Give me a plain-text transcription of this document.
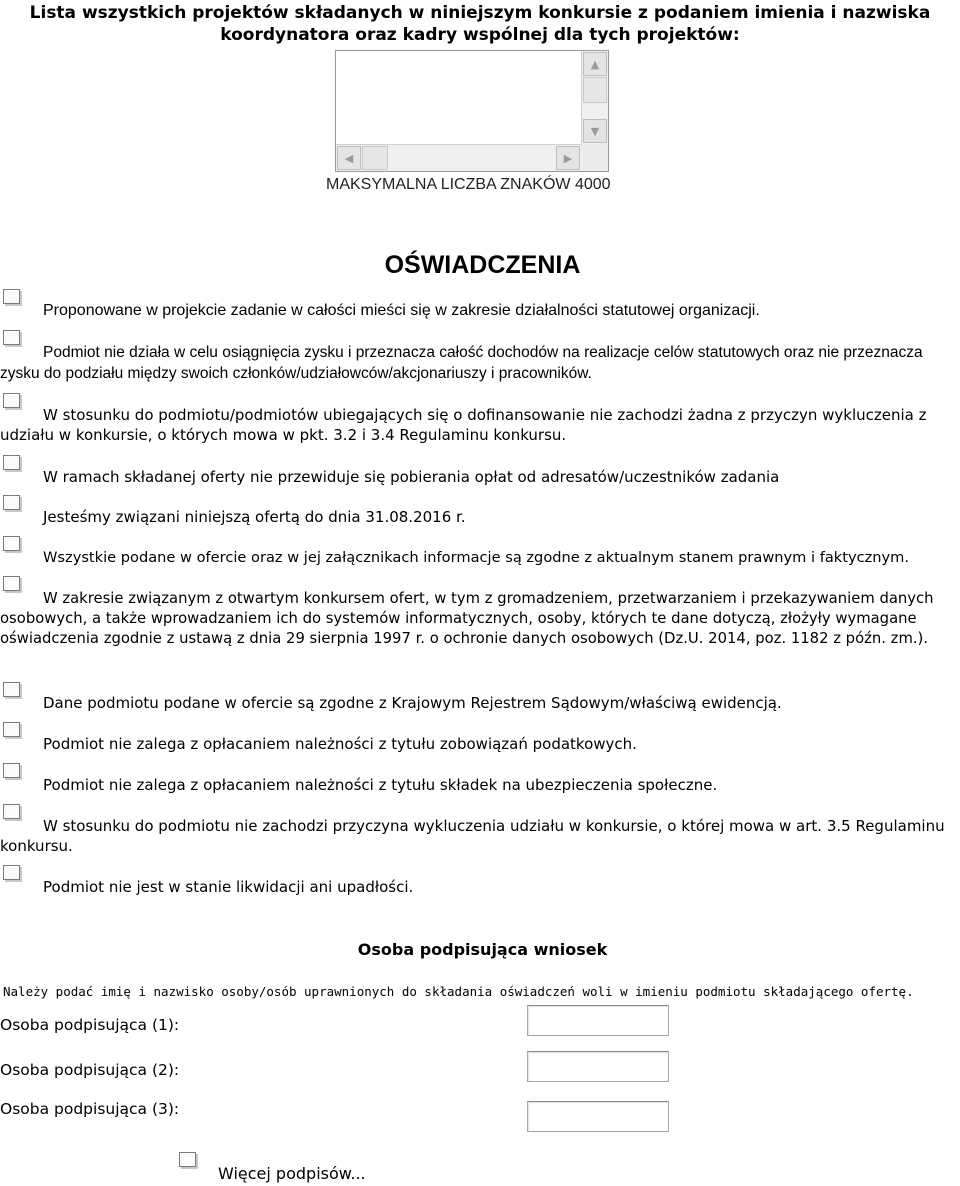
Lista wszystkich projektów składanych w niniejszym konkursie z podaniem imienia i nazwiska
koordynatora oraz kadry wspólnej dla tych projektów:
▲
▼
◀	▶
MAKSYMALNA LICZBA ZNAKÓW 4000
OŚWIADCZENIA
Proponowane w projekcie zadanie w całości mieści się w zakresie działalności statutowej organizacji.
Podmiot nie działa w celu osiągnięcia zysku i przeznacza całość dochodów na realizacje celów statutowych oraz nie przeznacza zysku do podziału między swoich członków/udziałowców/akcjonariuszy i pracowników.
W stosunku do podmiotu/podmiotów ubiegających się o dofinansowanie nie zachodzi żadna z przyczyn wykluczenia z udziału w konkursie, o których mowa w pkt. 3.2 i 3.4 Regulaminu konkursu.
W ramach składanej oferty nie przewiduje się pobierania opłat od adresatów/uczestników zadania
Jesteśmy związani niniejszą ofertą do dnia 31.08.2016 r.
Wszystkie podane w ofercie oraz w jej załącznikach informacje są zgodne z aktualnym stanem prawnym i faktycznym.
W zakresie związanym z otwartym konkursem ofert, w tym z gromadzeniem, przetwarzaniem i przekazywaniem danych osobowych, a także wprowadzaniem ich do systemów informatycznych, osoby, których te dane dotyczą, złożyły wymagane oświadczenia zgodnie z ustawą z dnia 29 sierpnia 1997 r. o ochronie danych osobowych (Dz.U. 2014, poz. 1182 z późn. zm.).
Dane podmiotu podane w ofercie są zgodne z Krajowym Rejestrem Sądowym/właściwą ewidencją.
Podmiot nie zalega z opłacaniem należności z tytułu zobowiązań podatkowych.
Podmiot nie zalega z opłacaniem należności z tytułu składek na ubezpieczenia społeczne.
W stosunku do podmiotu nie zachodzi przyczyna wykluczenia udziału w konkursie, o której mowa w art. 3.5 Regulaminu konkursu.
Podmiot nie jest w stanie likwidacji ani upadłości.
Osoba podpisująca wniosek
Należy podać imię i nazwisko osoby/osób uprawnionych do składania oświadczeń woli w imieniu podmiotu składającego ofertę.
Osoba podpisująca (1):
Osoba podpisująca (2):
Osoba podpisująca (3):
Więcej podpisów...
